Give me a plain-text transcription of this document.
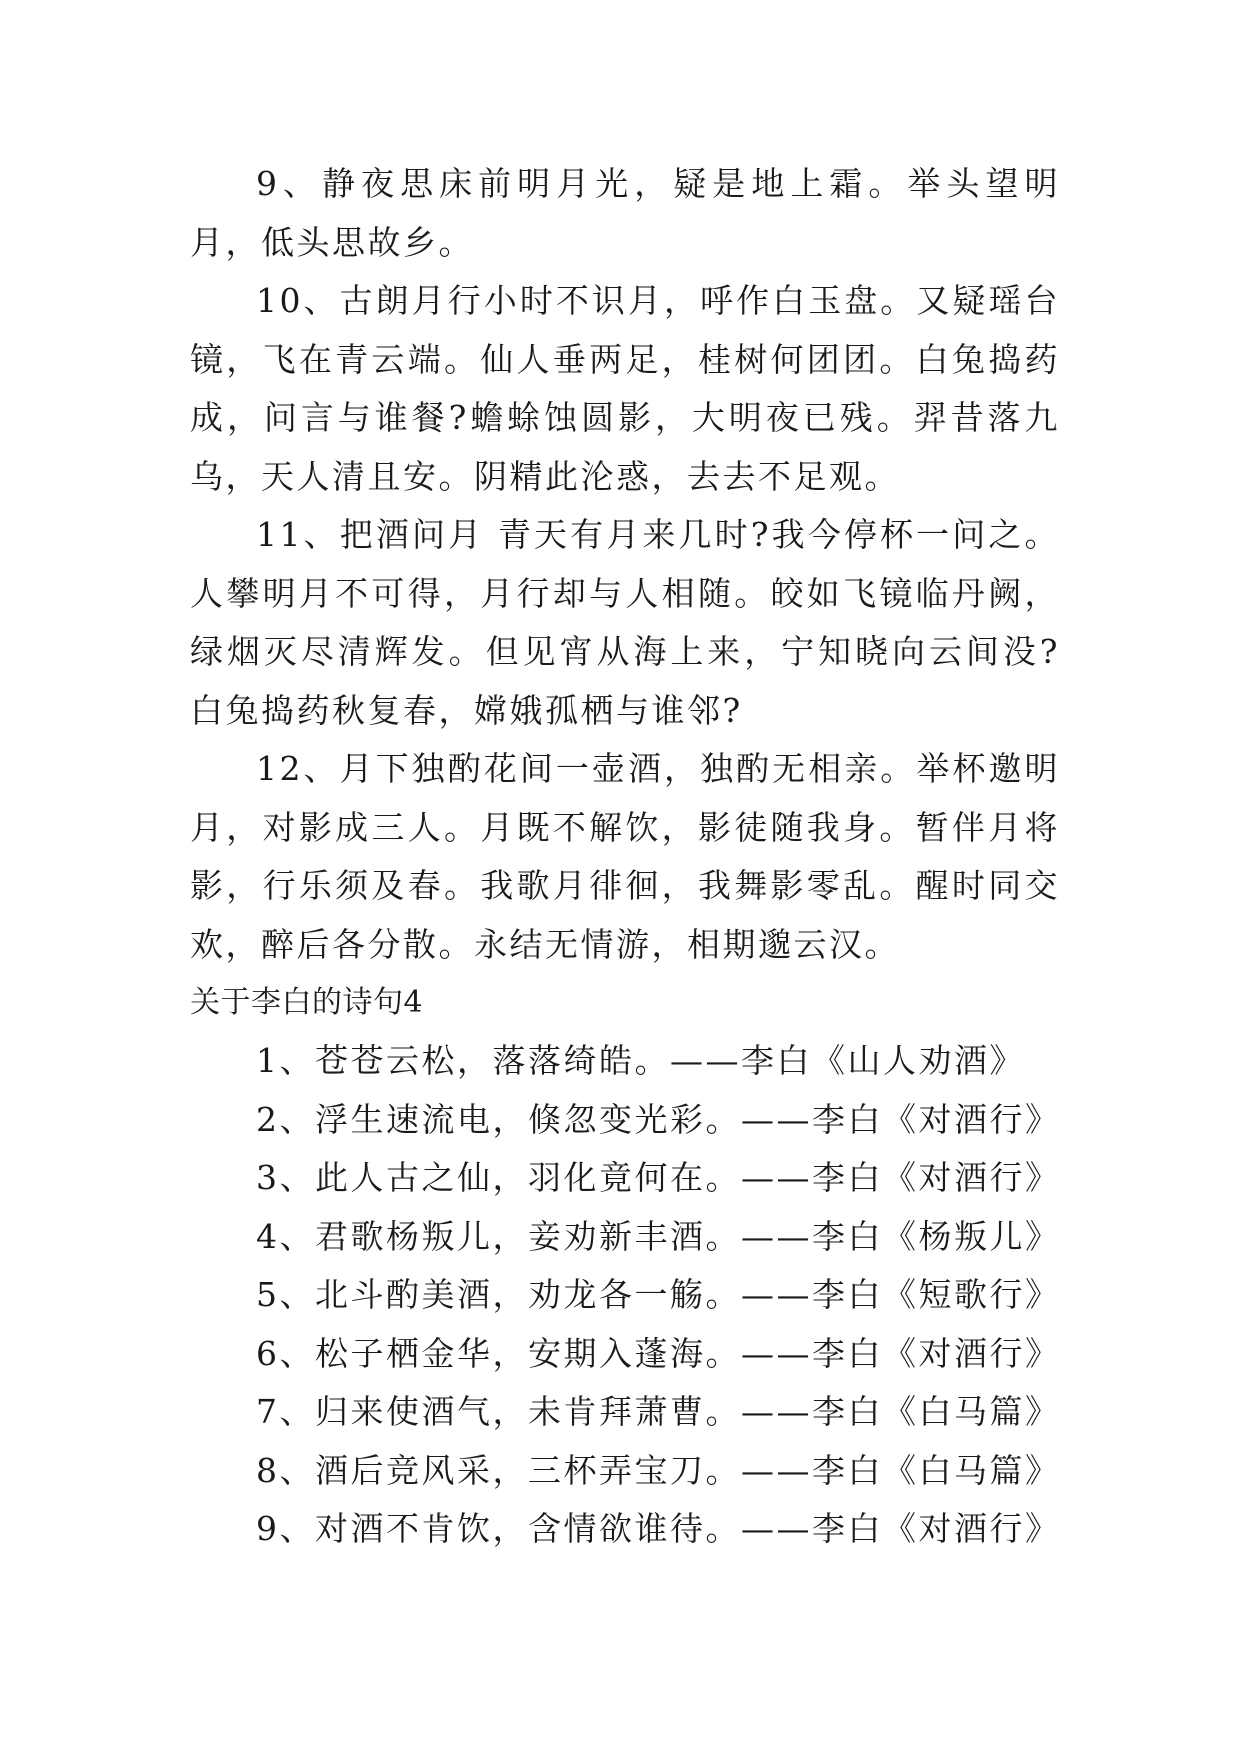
9、静夜思床前明月光，疑是地上霜。举头望明月，低头思故乡。

10、古朗月行小时不识月，呼作白玉盘。又疑瑶台镜，飞在青云端。仙人垂两足，桂树何团团。白兔捣药成，问言与谁餐?蟾蜍蚀圆影，大明夜已残。羿昔落九乌，天人清且安。阴精此沦惑，去去不足观。

11、把酒问月 青天有月来几时?我今停杯一问之。人攀明月不可得，月行却与人相随。皎如飞镜临丹阙，绿烟灭尽清辉发。但见宵从海上来，宁知晓向云间没?白兔捣药秋复春，嫦娥孤栖与谁邻?

12、月下独酌花间一壶酒，独酌无相亲。举杯邀明月，对影成三人。月既不解饮，影徒随我身。暂伴月将影，行乐须及春。我歌月徘徊，我舞影零乱。醒时同交欢，醉后各分散。永结无情游，相期邈云汉。

关于李白的诗句4

1、苍苍云松，落落绮皓。——李白《山人劝酒》

2、浮生速流电，倏忽变光彩。——李白《对酒行》

3、此人古之仙，羽化竟何在。——李白《对酒行》

4、君歌杨叛儿，妾劝新丰酒。——李白《杨叛儿》

5、北斗酌美酒，劝龙各一觞。——李白《短歌行》

6、松子栖金华，安期入蓬海。——李白《对酒行》

7、归来使酒气，未肯拜萧曹。——李白《白马篇》

8、酒后竞风采，三杯弄宝刀。——李白《白马篇》

9、对酒不肯饮，含情欲谁待。——李白《对酒行》
